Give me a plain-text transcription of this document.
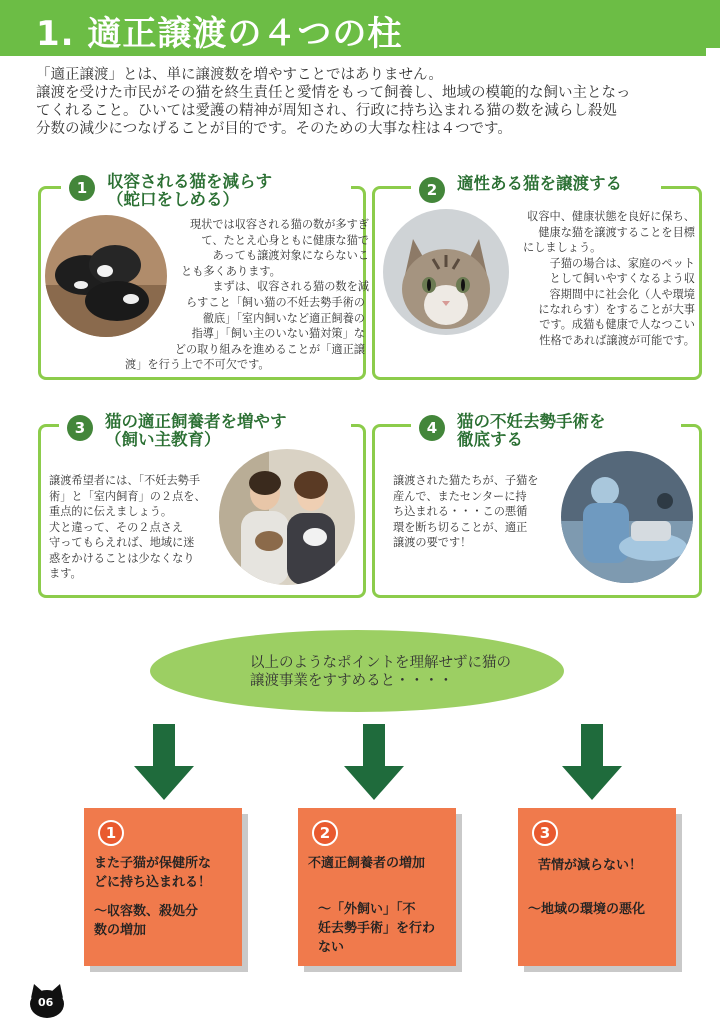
1. 適正譲渡の４つの柱
「適正譲渡」とは、単に譲渡数を増やすことではありません。
譲渡を受けた市民がその猫を終生責任と愛情をもって飼養し、地域の模範的な飼い主となっ
てくれること。ひいては愛護の精神が周知され、行政に持ち込まれる猫の数を減らし殺処
分数の減少につなげることが目的です。そのための大事な柱は４つです。
1	収容される猫を減らす
（蛇口をしめる）
現状では収容される猫の数が多すぎ
て、たとえ心身ともに健康な猫で
あっても譲渡対象にならないこ
とも多くあります。
まずは、収容される猫の数を減
らすこと「飼い猫の不妊去勢手術の
徹底」「室内飼いなど適正飼養の
指導」「飼い主のいない猫対策」な
どの取り組みを進めることが「適正譲
渡」を行う上で不可欠です。
2	適性ある猫を譲渡する
収容中、健康状態を良好に保ち、
健康な猫を譲渡することを目標
にしましょう。
子猫の場合は、家庭のペット
として飼いやすくなるよう収
容期間中に社会化（人や環境
になれらす）をすることが大事
です。成猫も健康で人なつこい
性格であれば譲渡が可能です。
3	猫の適正飼養者を増やす
（飼い主教育）
譲渡希望者には、「不妊去勢手
術」と「室内飼育」の２点を、
重点的に伝えましょう。
犬と違って、その２点さえ
守ってもらえれば、地域に迷
惑をかけることは少なくなり
ます。
4	猫の不妊去勢手術を
徹底する
譲渡された猫たちが、子猫を
産んで、またセンターに持
ち込まれる・・・この悪循
環を断ち切ることが、適正
譲渡の要です！
以上のようなポイントを理解せずに猫の
譲渡事業をすすめると・・・・
1
また子猫が保健所な
どに持ち込まれる！
～収容数、殺処分
数の増加
2
不適正飼養者の増加
～「外飼い」「不
妊去勢手術」を行わ
ない
3
苦情が減らない！
～地域の環境の悪化
06
